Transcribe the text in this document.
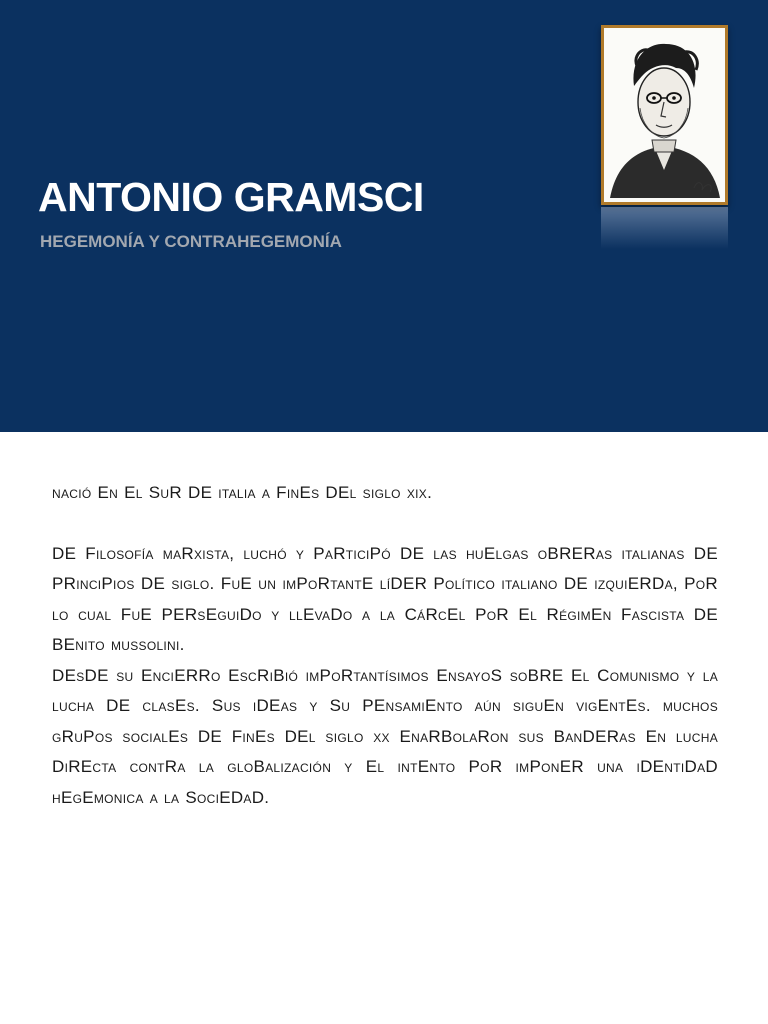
ANTONIO GRAMSCI
HEGEMONÍA Y CONTRAHEGEMONÍA

nació En El SuR DE italia a FinEs DEl siglo xix.

DE Filosofía maRxista, luchó y PaRticiPó DE las huElgas oBRERas italianas DE PRinciPios DE siglo. FuE un imPoRtantE líDER Político italiano DE izquiERDa, PoR lo cual FuE PERsEguiDo y llEvaDo a la CáRcEl PoR El RégimEn Fascista DE BEnito mussolini.

DEsDE su EnciERRo EscRiBió imPoRtantísimos EnsayoS soBRE El Comunismo y la lucha DE clasEs. Sus iDEas y Su PEnsamiEnto aún siguEn vigEntEs. muchos gRuPos socialEs DE FinEs DEl siglo xx EnaRBolaRon sus BanDERas En lucha DiREcta contRa la gloBalización y El intEnto PoR imPonER una iDEntiDaD hEgEmonica a la SociEDaD.
